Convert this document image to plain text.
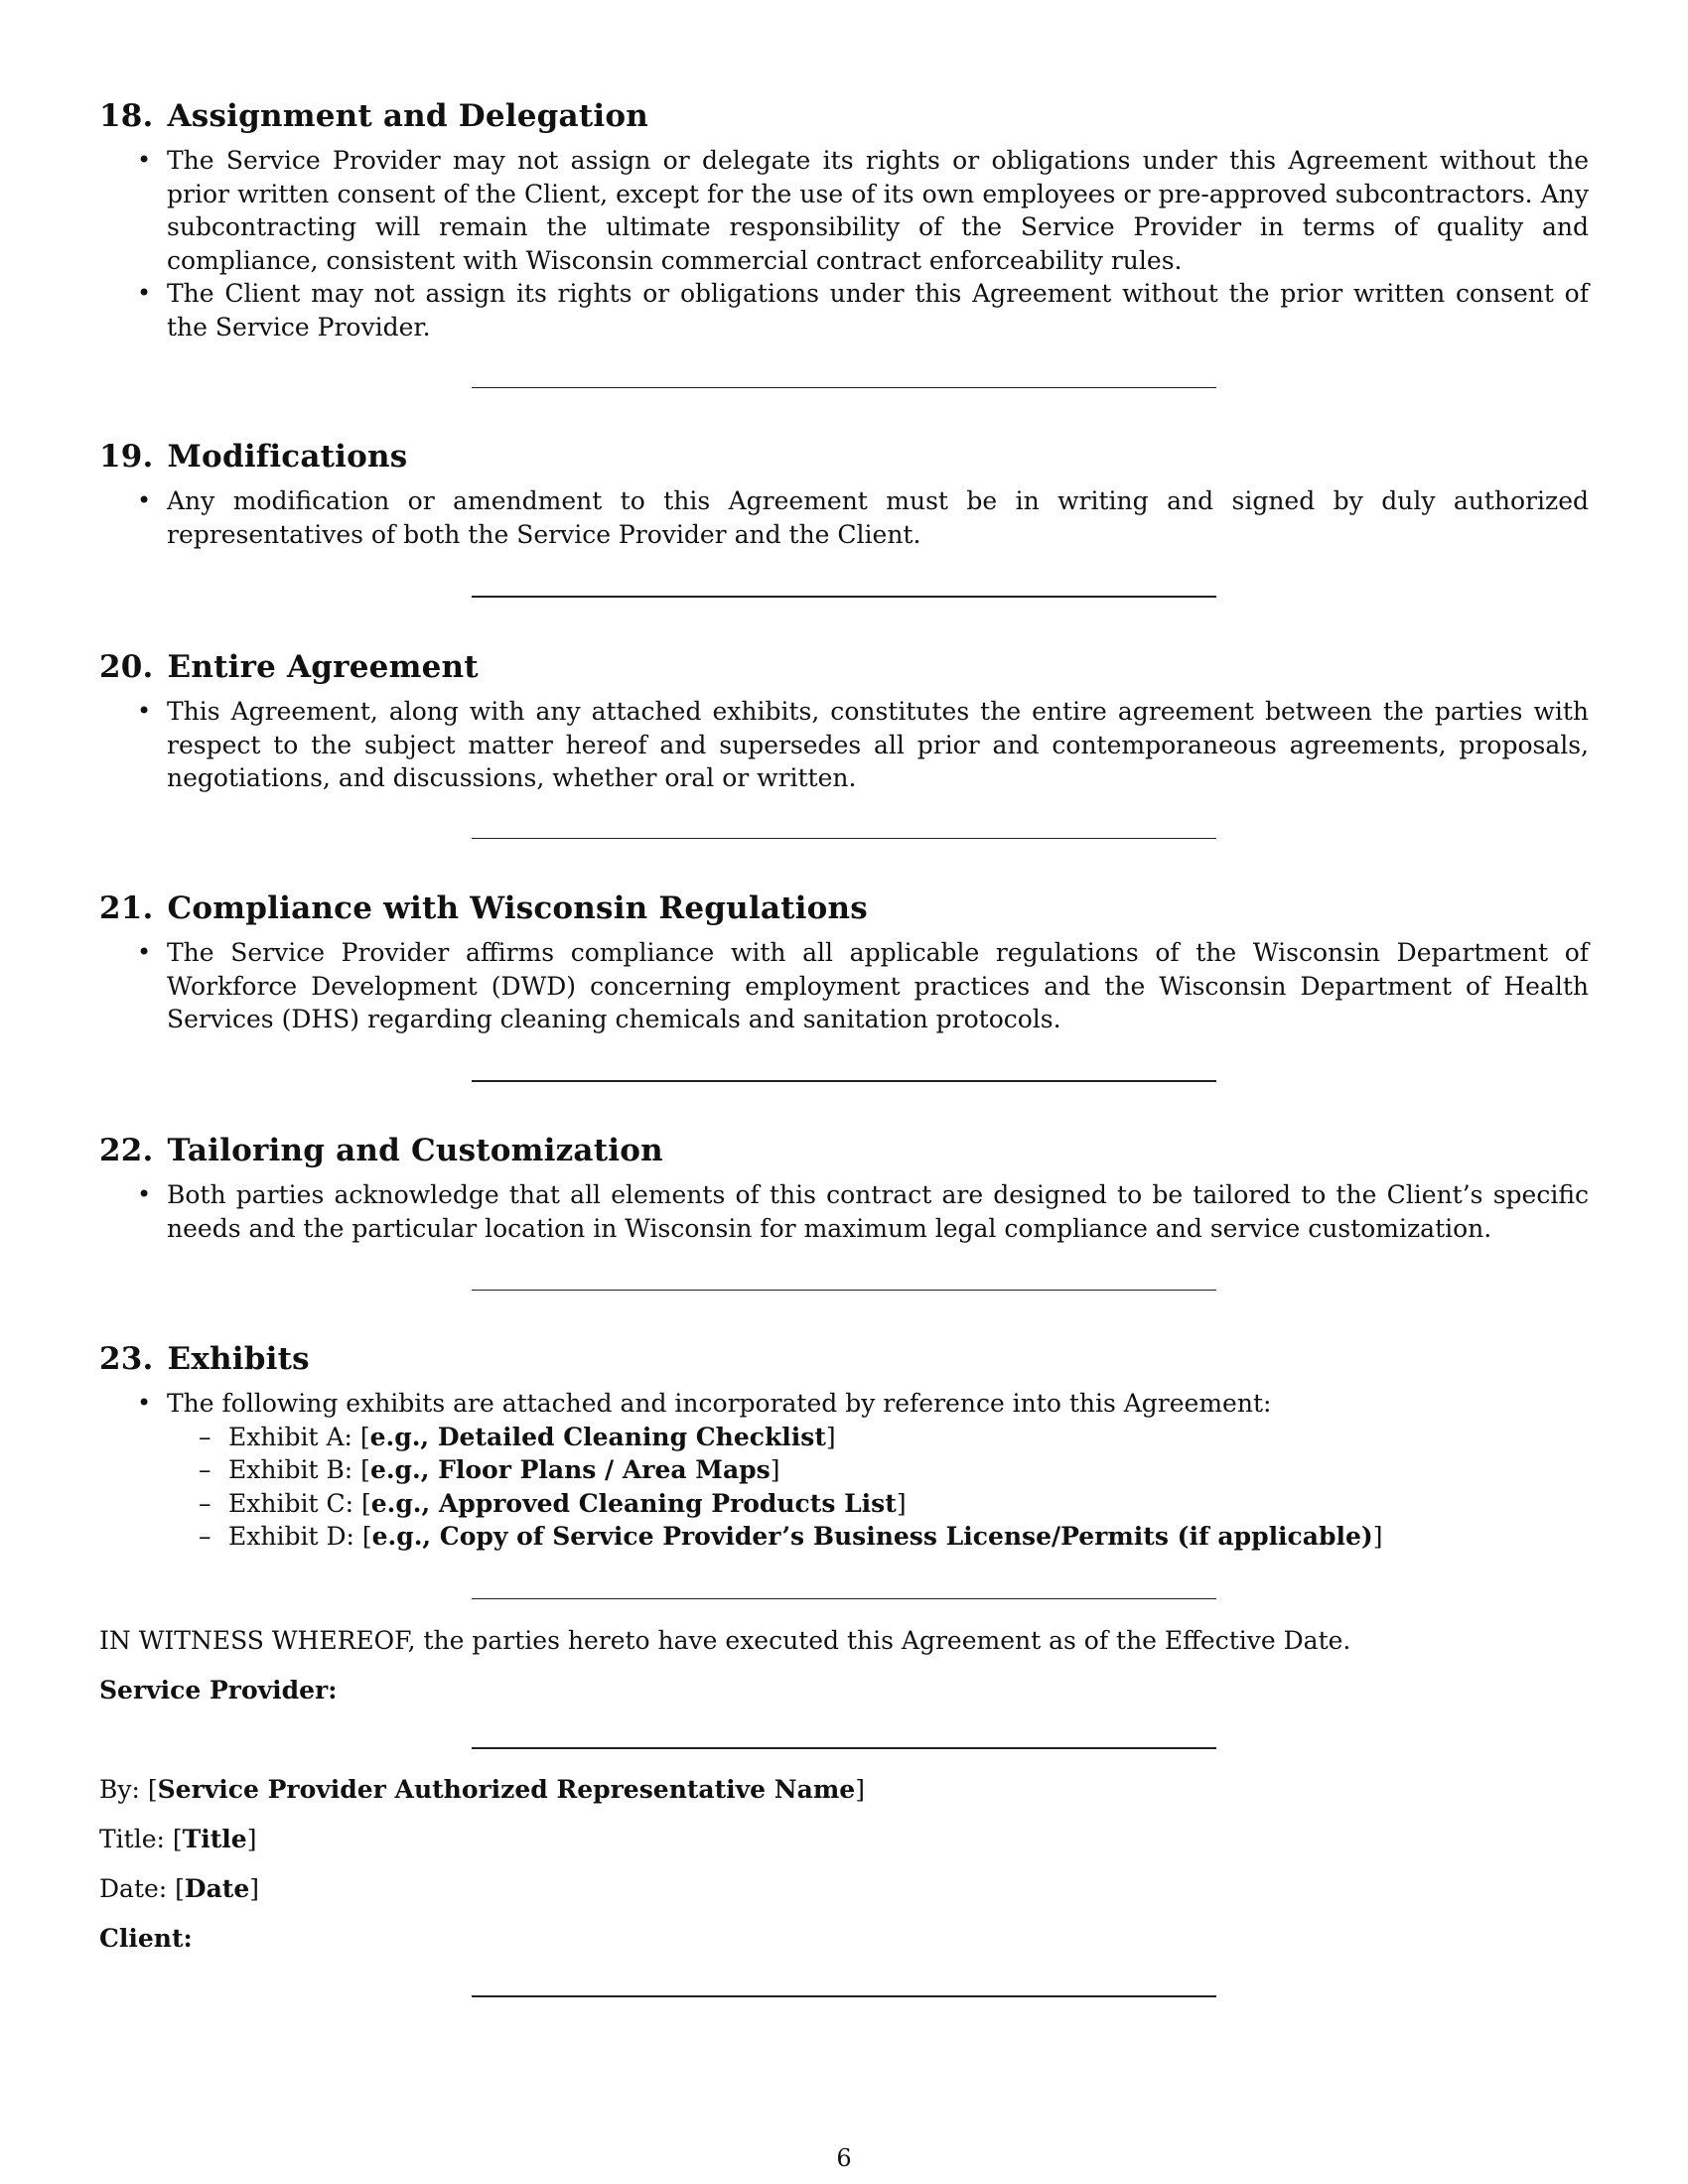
18. Assignment and Delegation
• The Service Provider may not assign or delegate its rights or obligations under this Agreement without the prior written consent of the Client, except for the use of its own employees or pre-approved subcontractors. Any subcontracting will remain the ultimate responsibility of the Service Provider in terms of quality and compliance, consistent with Wisconsin commercial contract enforceability rules.
• The Client may not assign its rights or obligations under this Agreement without the prior written consent of the Service Provider.
19. Modifications
• Any modification or amendment to this Agreement must be in writing and signed by duly authorized representatives of both the Service Provider and the Client.
20. Entire Agreement
• This Agreement, along with any attached exhibits, constitutes the entire agreement between the parties with respect to the subject matter hereof and supersedes all prior and contemporaneous agreements, proposals, negotiations, and discussions, whether oral or written.
21. Compliance with Wisconsin Regulations
• The Service Provider affirms compliance with all applicable regulations of the Wisconsin Department of Workforce Development (DWD) concerning employment practices and the Wisconsin Department of Health Services (DHS) regarding cleaning chemicals and sanitation protocols.
22. Tailoring and Customization
• Both parties acknowledge that all elements of this contract are designed to be tailored to the Client’s specific needs and the particular location in Wisconsin for maximum legal compliance and service customization.
23. Exhibits
• The following exhibits are attached and incorporated by reference into this Agreement:
– Exhibit A: [e.g., Detailed Cleaning Checklist]
– Exhibit B: [e.g., Floor Plans / Area Maps]
– Exhibit C: [e.g., Approved Cleaning Products List]
– Exhibit D: [e.g., Copy of Service Provider’s Business License/Permits (if applicable)]
IN WITNESS WHEREOF, the parties hereto have executed this Agreement as of the Effective Date.
Service Provider:
By: [Service Provider Authorized Representative Name]
Title: [Title]
Date: [Date]
Client:
6
